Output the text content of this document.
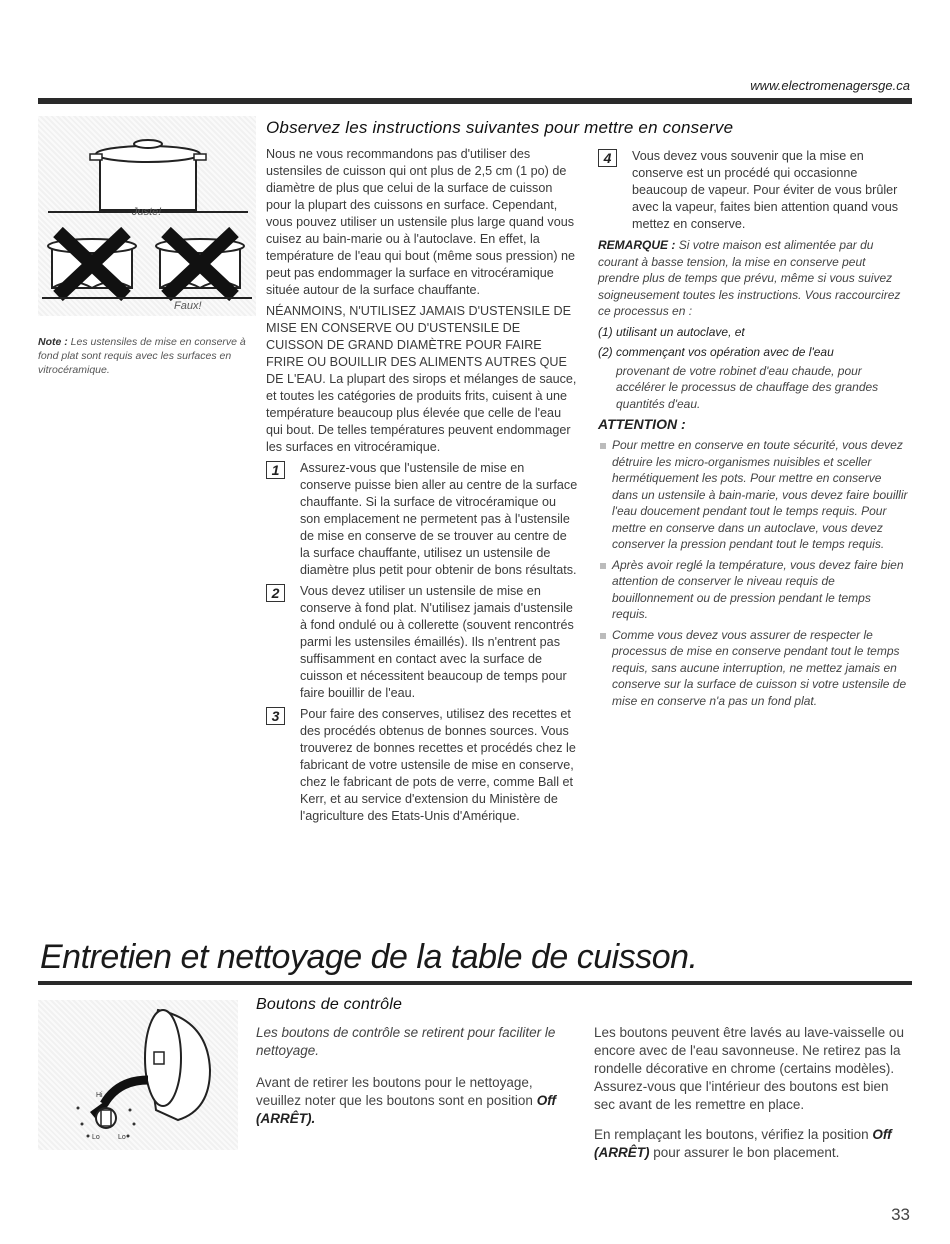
www.electromenagersge.ca
Juste!
Faux!
Note : Les ustensiles de mise en conserve à fond plat sont requis avec les surfaces en vitrocéramique.
Observez les instructions suivantes pour mettre en conserve

Nous ne vous recommandons pas d'utiliser des ustensiles de cuisson qui ont plus de 2,5 cm (1 po) de diamètre de plus que celui de la surface de cuisson pour la plupart des cuissons en surface. Cependant, vous pouvez utiliser un ustensile plus large quand vous cuisez au bain-marie ou à l'autoclave. En effet, la température de l'eau qui bout (même sous pression) ne peut pas endommager la surface en vitrocéramique située autour de la surface chauffante.

NÉANMOINS, N'UTILISEZ JAMAIS D'USTENSILE DE MISE EN CONSERVE OU D'USTENSILE DE CUISSON DE GRAND DIAMÈTRE POUR FAIRE FRIRE OU BOUILLIR DES ALIMENTS AUTRES QUE DE L'EAU. La plupart des sirops et mélanges de sauce, et toutes les catégories de produits frits, cuisent à une température beaucoup plus élevée que celle de l'eau qui bout. De telles températures peuvent endommager les surfaces en vitrocéramique.

1	Assurez-vous que l'ustensile de mise en conserve puisse bien aller au centre de la surface chauffante. Si la surface de vitrocéramique ou son emplacement ne permetent pas à l'ustensile de mise en conserve de se trouver au centre de la surface chauffante, utilisez un ustensile de diamètre plus petit pour obtenir de bons résultats.
2	Vous devez utiliser un ustensile de mise en conserve à fond plat. N'utilisez jamais d'ustensile à fond ondulé ou à collerette (souvent rencontrés parmi les ustensiles émaillés). Ils n'entrent pas suffisamment en contact avec la surface de cuisson et nécessitent beaucoup de temps pour faire bouillir de l'eau.
3	Pour faire des conserves, utilisez des recettes et des procédés obtenus de bonnes sources. Vous trouverez de bonnes recettes et procédés chez le fabricant de votre ustensile de mise en conserve, chez le fabricant de pots de verre, comme Ball et Kerr, et au service d'extension du Ministère de l'agriculture des Etats-Unis d'Amérique.
4	Vous devez vous souvenir que la mise en conserve est un procédé qui occasionne beaucoup de vapeur. Pour éviter de vous brûler avec la vapeur, faites bien attention quand vous mettez en conserve.

REMARQUE : Si votre maison est alimentée par du courant à basse tension, la mise en conserve peut prendre plus de temps que prévu, même si vous suivez soigneusement toutes les instructions. Vous raccourcirez ce processus en :

(1) utilisant un autoclave, et

(2) commençant vos opération avec de l'eau

provenant de votre robinet d'eau chaude, pour accélérer le processus de chauffage des grandes quantités d'eau.

ATTENTION :

Pour mettre en conserve en toute sécurité, vous devez détruire les micro-organismes nuisibles et sceller hermétiquement les pots. Pour mettre en conserve dans un ustensile à bain-marie, vous devez faire bouillir l'eau doucement pendant tout le temps requis. Pour mettre en conserve dans un autoclave, vous devez conserver la pression pendant tout le temps requis.
Après avoir reglé la température, vous devez faire bien attention de conserver le niveau requis de bouillonnement ou de pression pendant le temps requis.
Comme vous devez vous assurer de respecter le processus de mise en conserve pendant tout le temps requis, sans aucune interruption, ne mettez jamais en conserve sur la surface de cuisson si votre ustensile de mise en conserve n'a pas un fond plat.
Entretien et nettoyage de la table de cuisson.
Hi
Lo	Lo
Boutons de contrôle

Les boutons de contrôle se retirent pour faciliter le nettoyage.

Avant de retirer les boutons pour le nettoyage, veuillez noter que les boutons sont en position Off (ARRÊT).

Les boutons peuvent être lavés au lave-vaisselle ou encore avec de l'eau savonneuse. Ne retirez pas la rondelle décorative en chrome (certains modèles). Assurez-vous que l'intérieur des boutons est bien sec avant de les remettre en place.

En remplaçant les boutons, vérifiez la position Off (ARRÊT) pour assurer le bon placement.

33
